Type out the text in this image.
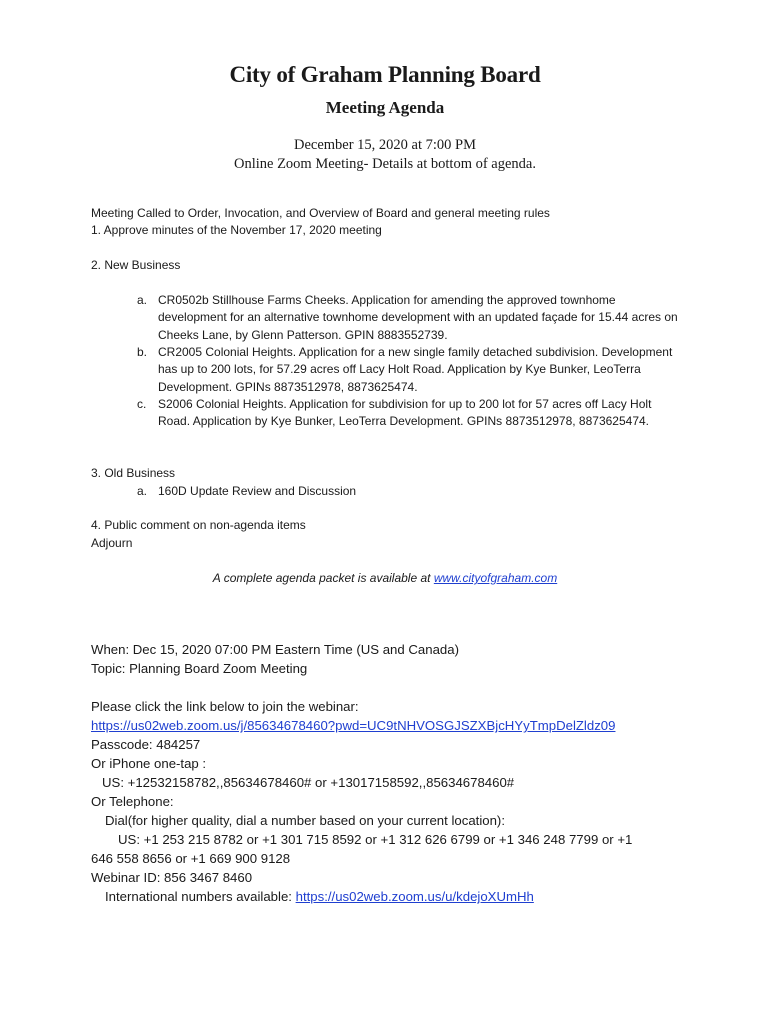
City of Graham Planning Board
Meeting Agenda
December 15, 2020 at 7:00 PM
Online Zoom Meeting- Details at bottom of agenda.
Meeting Called to Order, Invocation, and Overview of Board and general meeting rules
1. Approve minutes of the November 17, 2020 meeting
2. New Business
a. CR0502b Stillhouse Farms Cheeks. Application for amending the approved townhome development for an alternative townhome development with an updated façade for 15.44 acres on Cheeks Lane, by Glenn Patterson. GPIN 8883552739.
b. CR2005 Colonial Heights. Application for a new single family detached subdivision. Development has up to 200 lots, for 57.29 acres off Lacy Holt Road. Application by Kye Bunker, LeoTerra Development. GPINs 8873512978, 8873625474.
c. S2006 Colonial Heights. Application for subdivision for up to 200 lot for 57 acres off Lacy Holt Road. Application by Kye Bunker, LeoTerra Development. GPINs 8873512978, 8873625474.
3. Old Business
a. 160D Update Review and Discussion
4. Public comment on non-agenda items
Adjourn
A complete agenda packet is available at www.cityofgraham.com
When: Dec 15, 2020 07:00 PM Eastern Time (US and Canada)
Topic: Planning Board Zoom Meeting
Please click the link below to join the webinar:
https://us02web.zoom.us/j/85634678460?pwd=UC9tNHVOSGJSZXBjcHYyTmpDelZldz09
Passcode: 484257
Or iPhone one-tap :
US: +12532158782,,85634678460# or +13017158592,,85634678460#
Or Telephone:
Dial(for higher quality, dial a number based on your current location):
US: +1 253 215 8782 or +1 301 715 8592 or +1 312 626 6799 or +1 346 248 7799 or +1
646 558 8656 or +1 669 900 9128
Webinar ID: 856 3467 8460
International numbers available: https://us02web.zoom.us/u/kdejoXUmHh
